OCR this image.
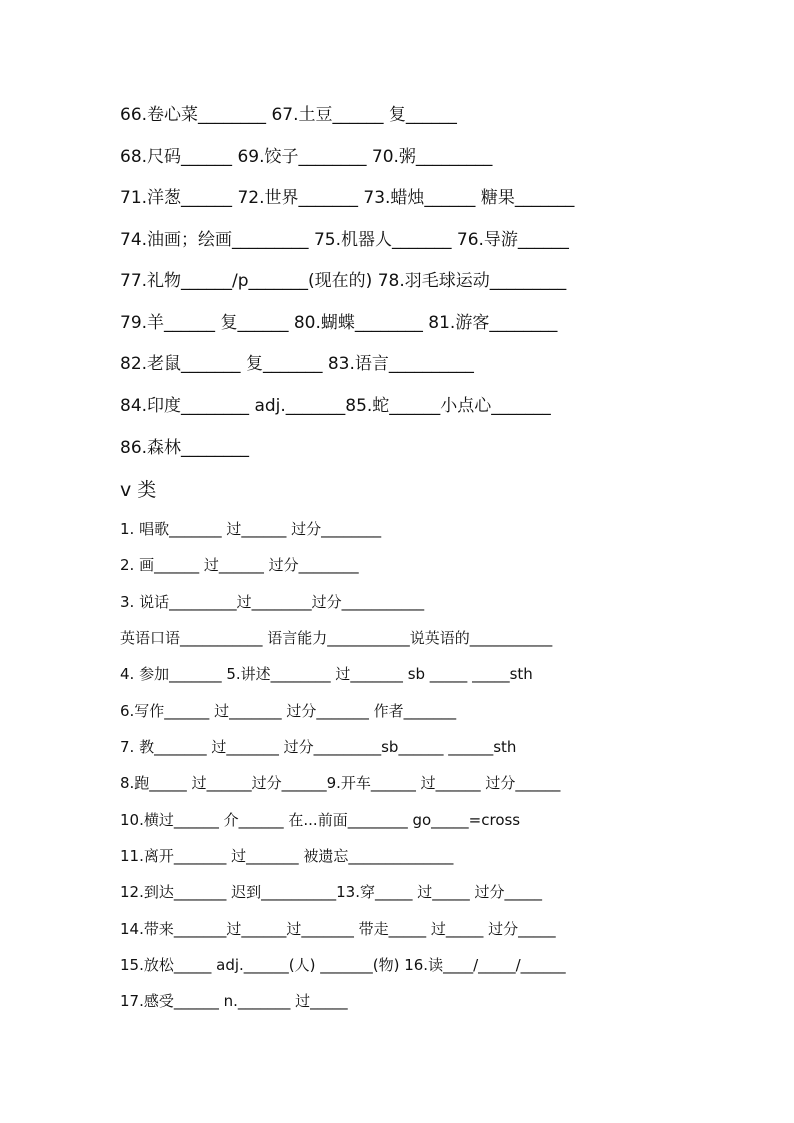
66.卷心菜________ 67.土豆______ 复______
68.尺码______ 69.饺子________ 70.粥_________
71.洋葱______ 72.世界_______ 73.蜡烛______ 糖果_______
74.油画；绘画_________ 75.机器人_______ 76.导游______
77.礼物______/p_______(现在的) 78.羽毛球运动_________
79.羊______ 复______ 80.蝴蝶________ 81.游客________
82.老鼠_______ 复_______ 83.语言__________
84.印度________ adj._______85.蛇______小点心_______
86.森林________
v 类
1. 唱歌_______ 过______ 过分________
2. 画______ 过______ 过分________
3. 说话_________过________过分___________
英语口语___________ 语言能力___________说英语的___________
4. 参加_______ 5.讲述________ 过_______ sb _____ _____sth
6.写作______ 过_______ 过分_______ 作者_______
7. 教_______ 过_______ 过分_________sb______ ______sth
8.跑_____ 过______过分______9.开车______ 过______ 过分______
10.横过______ 介______ 在...前面________ go_____=cross
11.离开_______ 过_______ 被遗忘______________
12.到达_______ 迟到__________13.穿_____ 过_____ 过分_____
14.带来_______过______过_______ 带走_____ 过_____ 过分_____
15.放松_____ adj.______(人) _______(物) 16.读____/_____/______
17.感受______ n._______ 过_____
